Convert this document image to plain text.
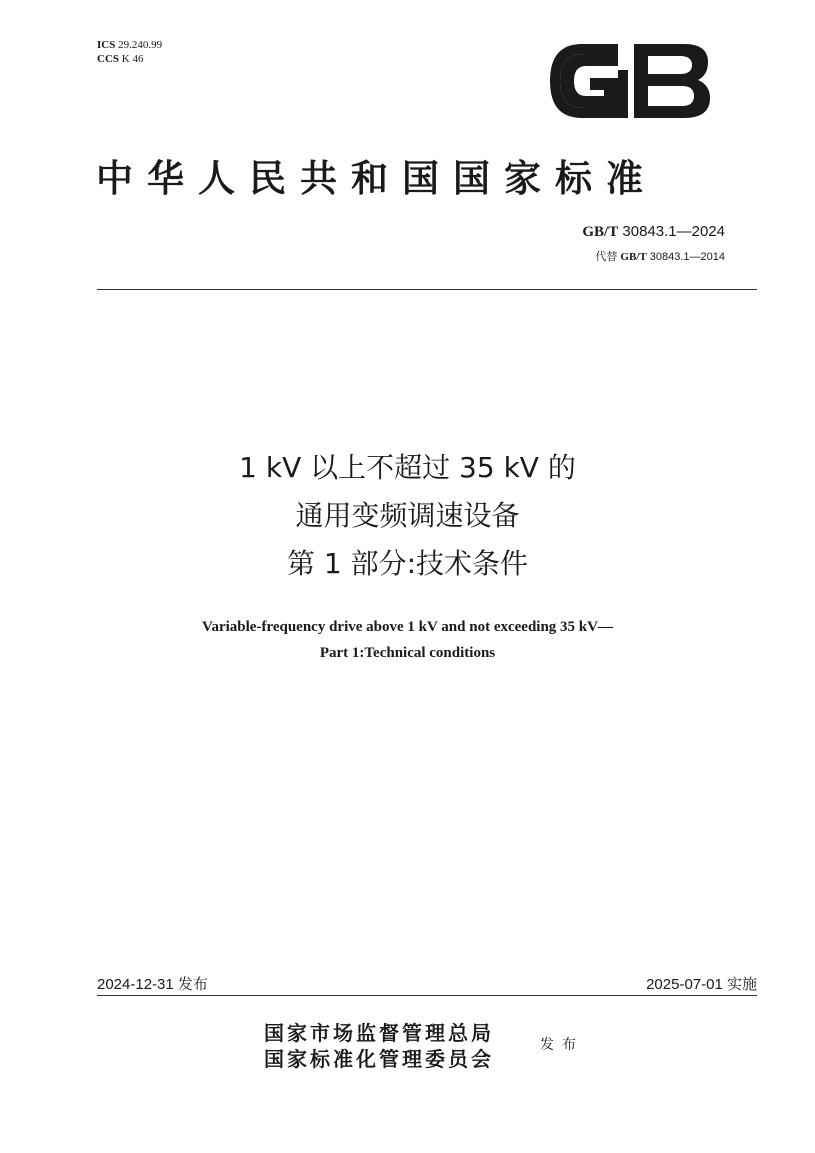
ICS 29.240.99
CCS K 46
中华人民共和国国家标准
GB/T 30843.1—2024
代替 GB/T 30843.1—2014
1 kV 以上不超过 35 kV 的
通用变频调速设备
第 1 部分:技术条件
Variable-frequency drive above 1 kV and not exceeding 35 kV—
Part 1:Technical conditions
2024-12-31 发布	2025-07-01 实施
国家市场监督管理总局
国家标准化管理委员会
发布
